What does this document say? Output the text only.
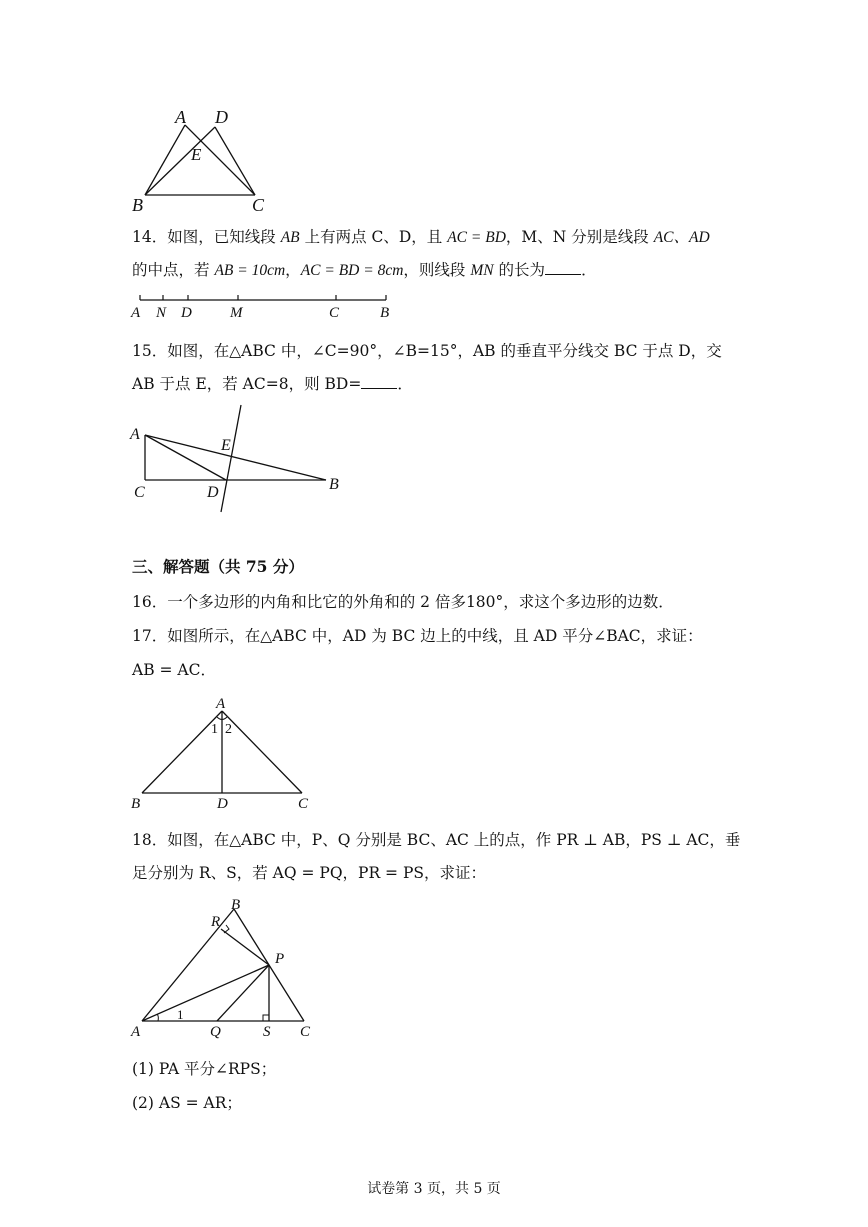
A D
E
B	C
14．如图，已知线段 AB 上有两点 C、D，且 AC = BD，M、N 分别是线段 AC、AD
的中点，若 AB = 10cm，AC = BD = 8cm，则线段 MN 的长为 ．
A N D	M	C	B
15．如图，在△ABC 中，∠C=90°，∠B=15°，AB 的垂直平分线交 BC 于点 D，交
AB 于点 E，若 AC=8，则 BD= ．
A
E
C	D	B
三、解答题（共 75 分）
16．一个多边形的内角和比它的外角和的 2 倍多180°，求这个多边形的边数．
17．如图所示，在△ABC 中，AD 为 BC 边上的中线，且 AD 平分∠BAC，求证：
AB = AC．
A
1 2
B	D	C
18．如图，在△ABC 中，P、Q 分别是 BC、AC 上的点，作 PR ⊥ AB，PS ⊥ AC，垂
足分别为 R、S，若 AQ = PQ，PR = PS，求证：
B
R
P
1
A	Q	S C
(1) PA 平分∠RPS；
(2) AS = AR；
试卷第 3 页，共 5 页
